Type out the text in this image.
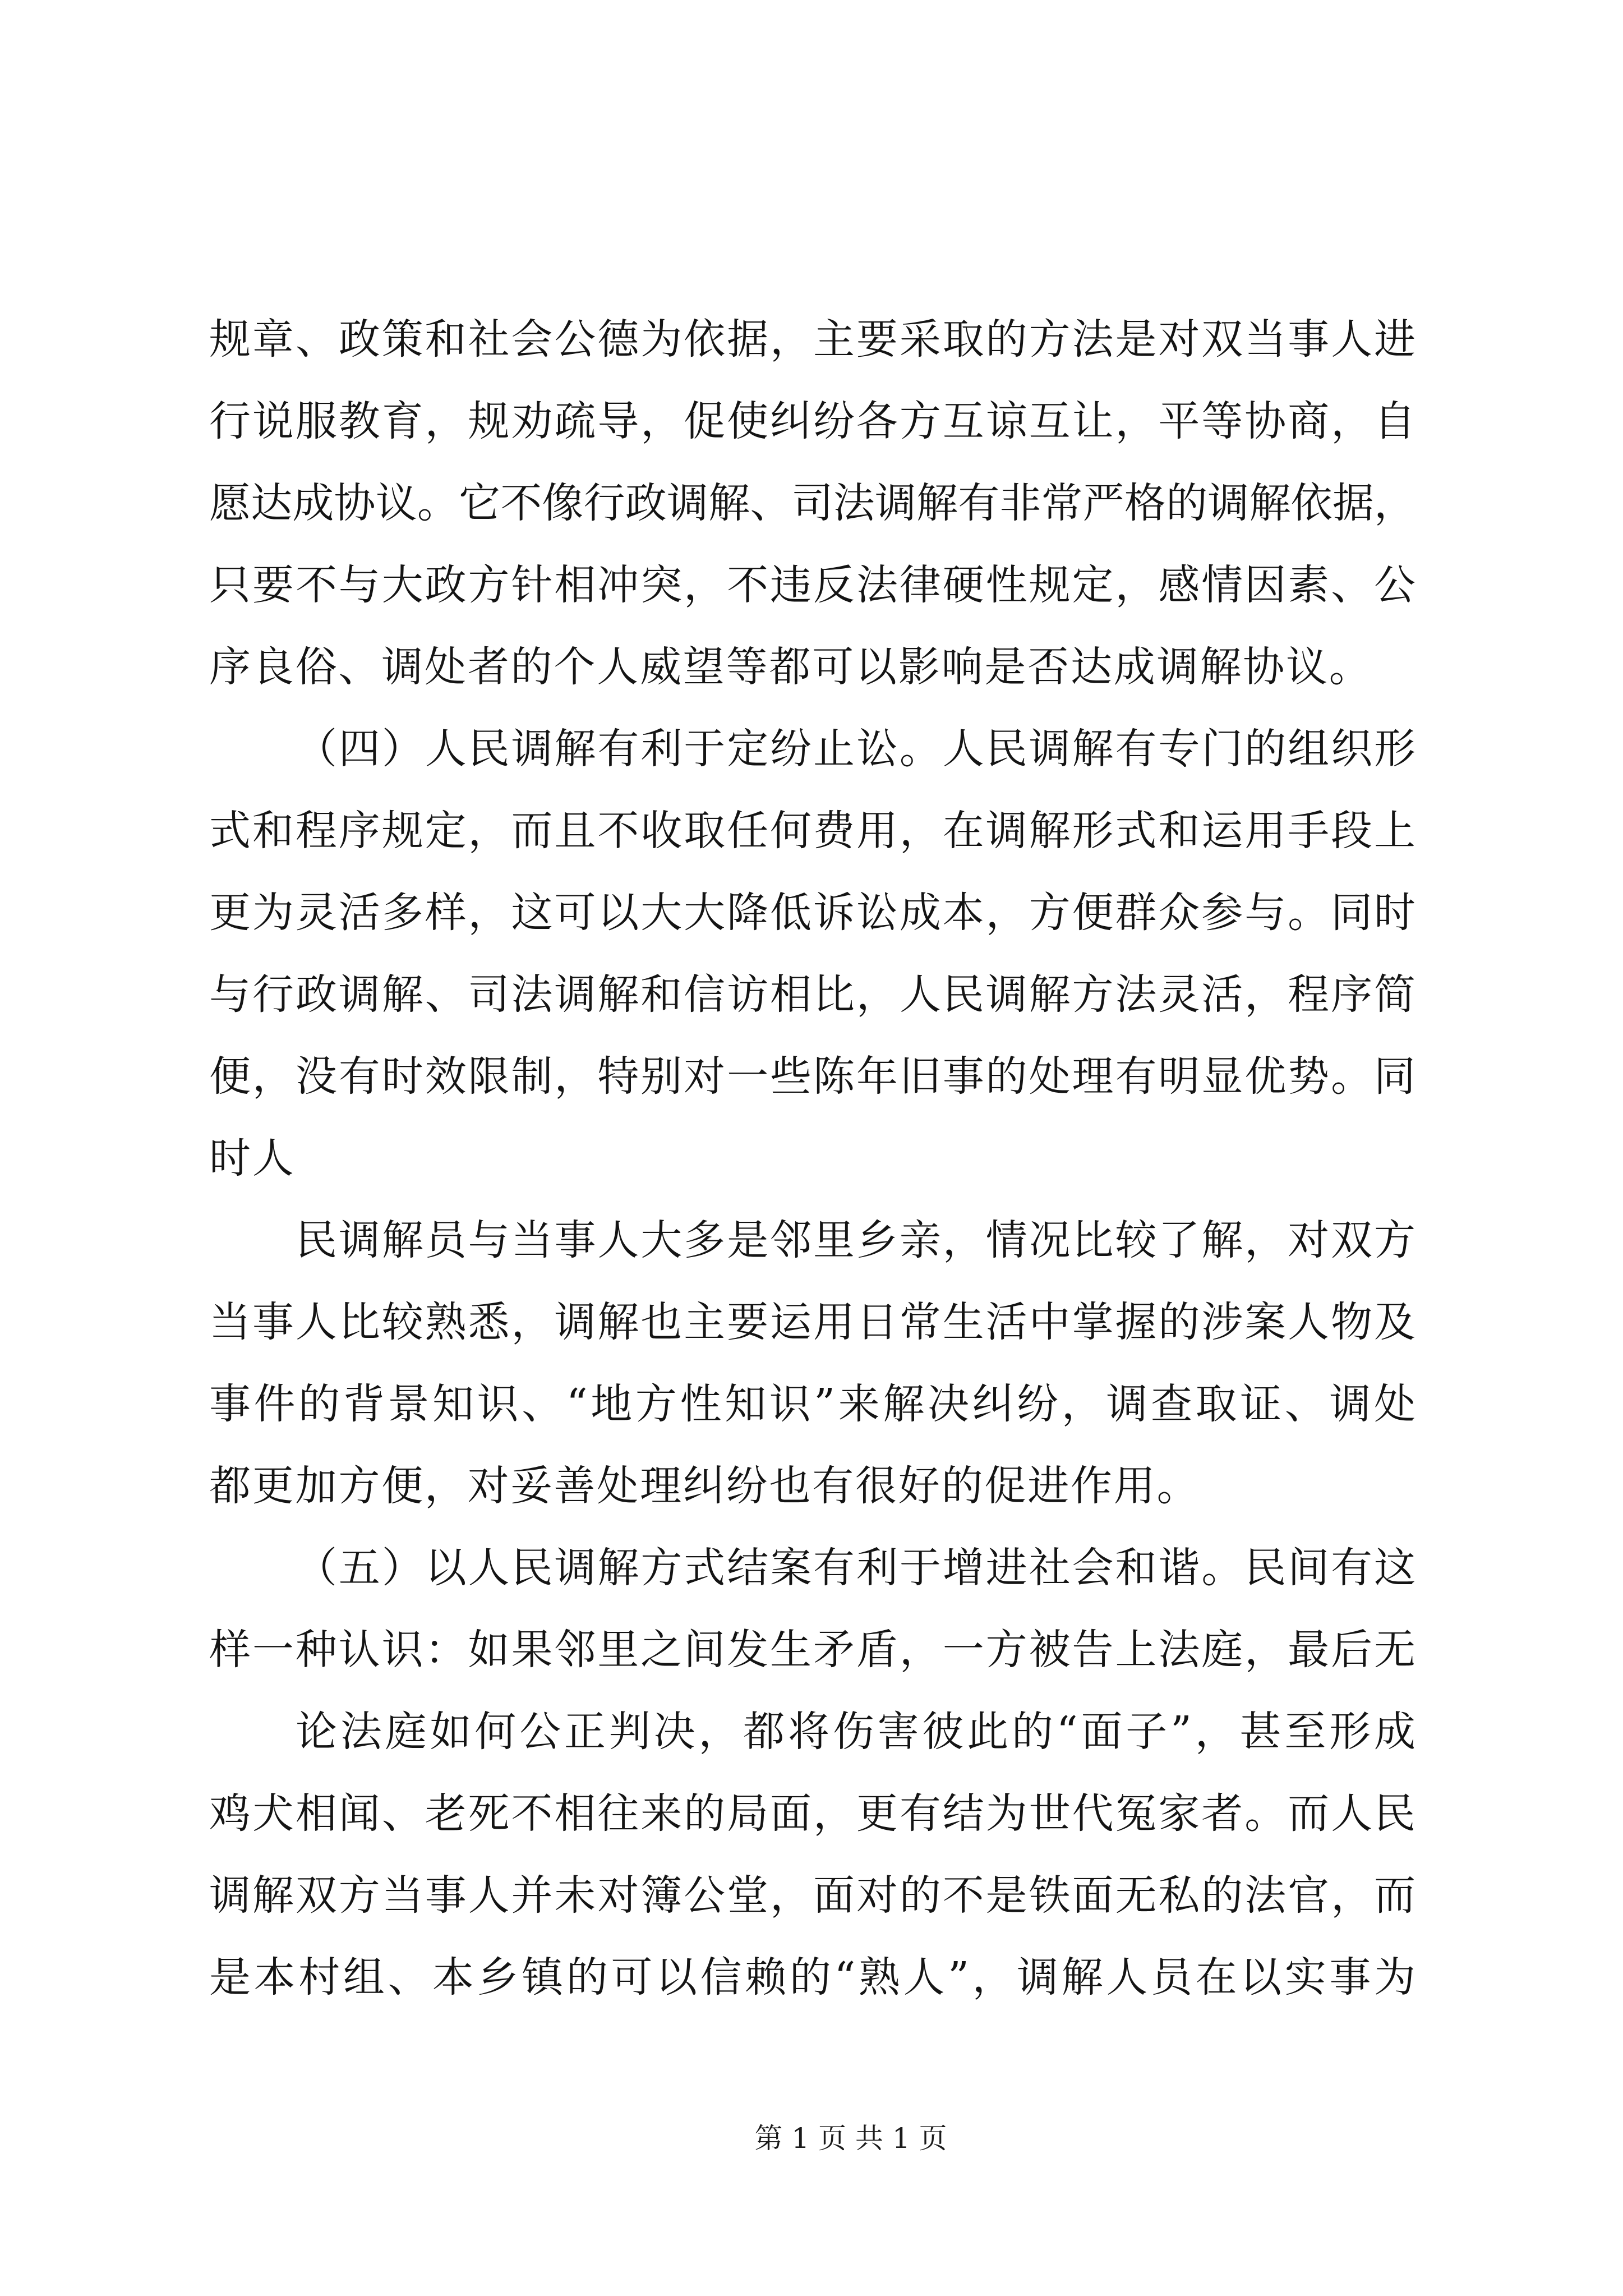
规章、政策和社会公德为依据，主要采取的方法是对双当事人进
行说服教育，规劝疏导，促使纠纷各方互谅互让，平等协商，自
愿达成协议。它不像行政调解、司法调解有非常严格的调解依据，
只要不与大政方针相冲突，不违反法律硬性规定，感情因素、公
序良俗、调处者的个人威望等都可以影响是否达成调解协议。
（四）人民调解有利于定纷止讼。人民调解有专门的组织形
式和程序规定，而且不收取任何费用，在调解形式和运用手段上
更为灵活多样，这可以大大降低诉讼成本，方便群众参与。同时
与行政调解、司法调解和信访相比，人民调解方法灵活，程序简
便，没有时效限制，特别对一些陈年旧事的处理有明显优势。同
时人
民调解员与当事人大多是邻里乡亲，情况比较了解，对双方
当事人比较熟悉，调解也主要运用日常生活中掌握的涉案人物及
事件的背景知识、“地方性知识”来解决纠纷，调查取证、调处
都更加方便，对妥善处理纠纷也有很好的促进作用。
（五）以人民调解方式结案有利于增进社会和谐。民间有这
样一种认识：如果邻里之间发生矛盾，一方被告上法庭，最后无
论法庭如何公正判决，都将伤害彼此的“面子”，甚至形成
鸡犬相闻、老死不相往来的局面，更有结为世代冤家者。而人民
调解双方当事人并未对簿公堂，面对的不是铁面无私的法官，而
是本村组、本乡镇的可以信赖的“熟人”，调解人员在以实事为
第 1 页 共 1 页
